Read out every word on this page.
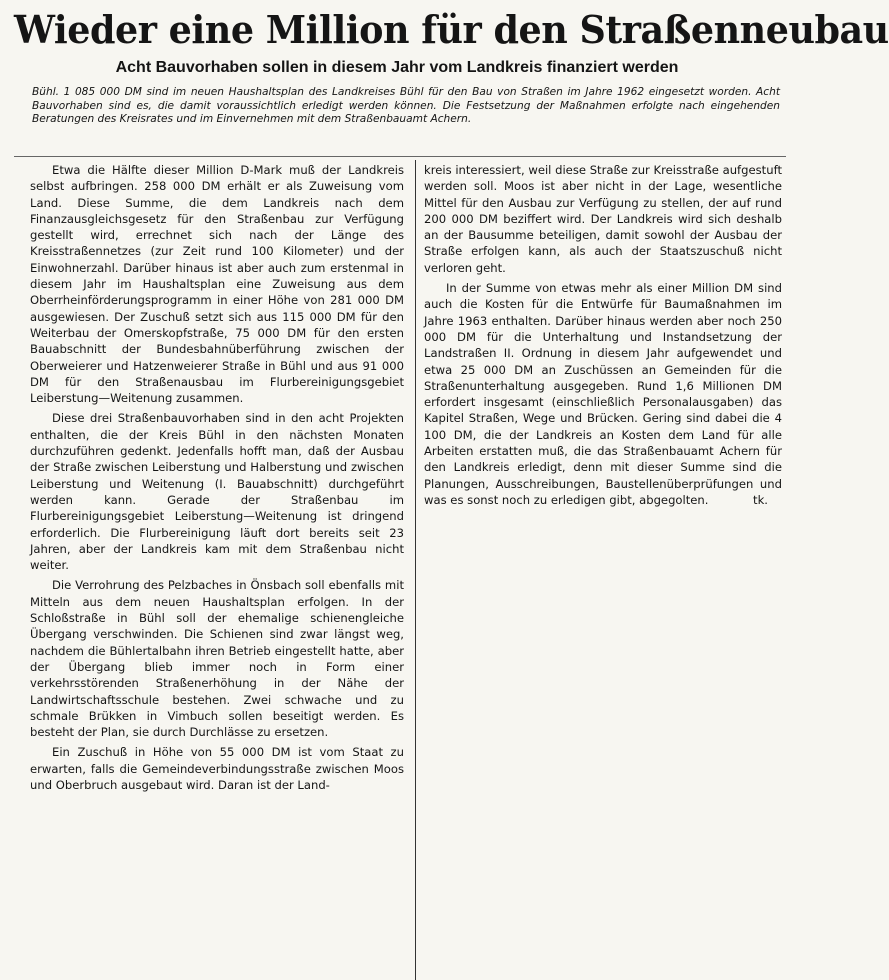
Wieder eine Million für den Straßenneubau
Acht Bauvorhaben sollen in diesem Jahr vom Landkreis finanziert werden

Bühl. 1 085 000 DM sind im neuen Haushaltsplan des Landkreises Bühl für den Bau von Straßen im Jahre 1962 eingesetzt worden. Acht Bauvorhaben sind es, die damit voraussichtlich erledigt werden können. Die Festsetzung der Maßnahmen erfolgte nach eingehenden Beratungen des Kreisrates und im Einvernehmen mit dem Straßenbauamt Achern.

Etwa die Hälfte dieser Million D-Mark muß der Landkreis selbst aufbringen. 258 000 DM erhält er als Zuweisung vom Land. Diese Summe, die dem Landkreis nach dem Finanzausgleichsgesetz für den Straßenbau zur Verfügung gestellt wird, errechnet sich nach der Länge des Kreisstraßennetzes (zur Zeit rund 100 Kilometer) und der Einwohnerzahl. Darüber hinaus ist aber auch zum erstenmal in diesem Jahr im Haushaltsplan eine Zuweisung aus dem Oberrheinförderungsprogramm in einer Höhe von 281 000 DM ausgewiesen. Der Zuschuß setzt sich aus 115 000 DM für den Weiterbau der Omerskopfstraße, 75 000 DM für den ersten Bauabschnitt der Bundesbahnüberführung zwischen der Oberweierer und Hatzenweierer Straße in Bühl und aus 91 000 DM für den Straßenausbau im Flurbereinigungsgebiet Leiberstung—Weitenung zusammen.

Diese drei Straßenbauvorhaben sind in den acht Projekten enthalten, die der Kreis Bühl in den nächsten Monaten durchzuführen gedenkt. Jedenfalls hofft man, daß der Ausbau der Straße zwischen Leiberstung und Halberstung und zwischen Leiberstung und Weitenung (I. Bauabschnitt) durchgeführt werden kann. Gerade der Straßenbau im Flurbereinigungsgebiet Leiberstung—Weitenung ist dringend erforderlich. Die Flurbereinigung läuft dort bereits seit 23 Jahren, aber der Landkreis kam mit dem Straßenbau nicht weiter.

Die Verrohrung des Pelzbaches in Önsbach soll ebenfalls mit Mitteln aus dem neuen Haushaltsplan erfolgen. In der Schloßstraße in Bühl soll der ehemalige schienengleiche Übergang verschwinden. Die Schienen sind zwar längst weg, nachdem die Bühlertalbahn ihren Betrieb eingestellt hatte, aber der Übergang blieb immer noch in Form einer verkehrsstörenden Straßenerhöhung in der Nähe der Landwirtschaftsschule bestehen. Zwei schwache und zu schmale Brükken in Vimbuch sollen beseitigt werden. Es besteht der Plan, sie durch Durchlässe zu ersetzen.

Ein Zuschuß in Höhe von 55 000 DM ist vom Staat zu erwarten, falls die Gemeindeverbindungsstraße zwischen Moos und Oberbruch ausgebaut wird. Daran ist der Land-

kreis interessiert, weil diese Straße zur Kreisstraße aufgestuft werden soll. Moos ist aber nicht in der Lage, wesentliche Mittel für den Ausbau zur Verfügung zu stellen, der auf rund 200 000 DM beziffert wird. Der Landkreis wird sich deshalb an der Bausumme beteiligen, damit sowohl der Ausbau der Straße erfolgen kann, als auch der Staatszuschuß nicht verloren geht.

In der Summe von etwas mehr als einer Million DM sind auch die Kosten für die Entwürfe für Baumaßnahmen im Jahre 1963 enthalten. Darüber hinaus werden aber noch 250 000 DM für die Unterhaltung und Instandsetzung der Landstraßen II. Ordnung in diesem Jahr aufgewendet und etwa 25 000 DM an Zuschüssen an Gemeinden für die Straßenunterhaltung ausgegeben. Rund 1,6 Millionen DM erfordert insgesamt (einschließlich Personalausgaben) das Kapitel Straßen, Wege und Brücken. Gering sind dabei die 4 100 DM, die der Landkreis an Kosten dem Land für alle Arbeiten erstatten muß, die das Straßenbauamt Achern für den Landkreis erledigt, denn mit dieser Summe sind die Planungen, Ausschreibungen, Baustellenüberprüfungen und was es sonst noch zu erledigen gibt, abgegolten.	tk.
